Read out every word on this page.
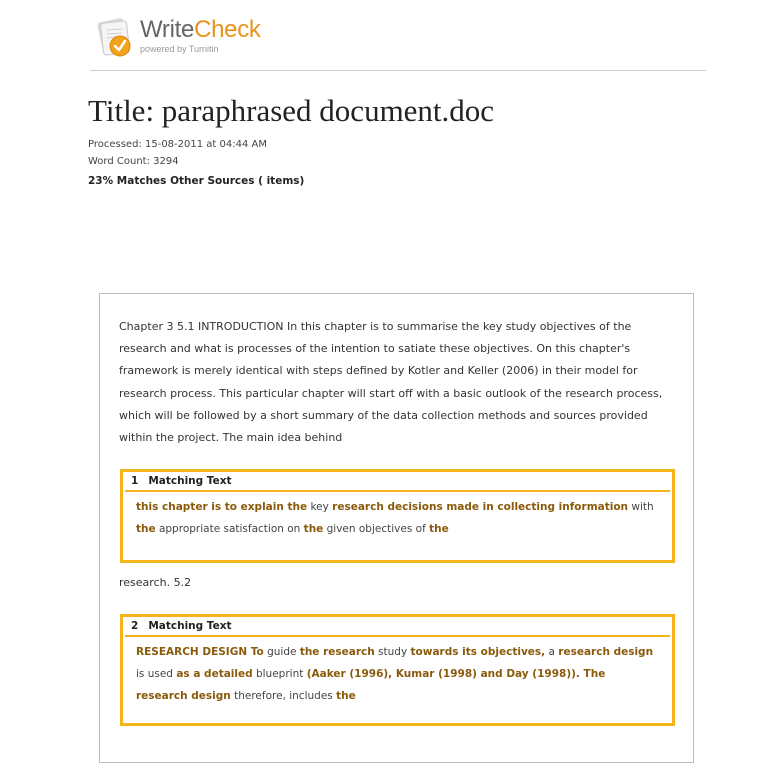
WriteCheck
powered by Turnitin
Title: paraphrased document.doc
Processed: 15-08-2011 at 04:44 AM
Word Count: 3294
23% Matches Other Sources ( items)

Chapter 3 5.1 INTRODUCTION In this chapter is to summarise the key study objectives of the research and what is processes of the intention to satiate these objectives. On this chapter's framework is merely identical with steps defined by Kotler and Keller (2006) in their model for research process. This particular chapter will start off with a basic outlook of the research process, which will be followed by a short summary of the data collection methods and sources provided within the project. The main idea behind

1 Matching Text
this chapter is to explain the key research decisions made in collecting information with the appropriate satisfaction on the given objectives of the

research. 5.2

2 Matching Text
RESEARCH DESIGN To guide the research study towards its objectives, a research design is used as a detailed blueprint (Aaker (1996), Kumar (1998) and Day (1998)). The research design therefore, includes the
